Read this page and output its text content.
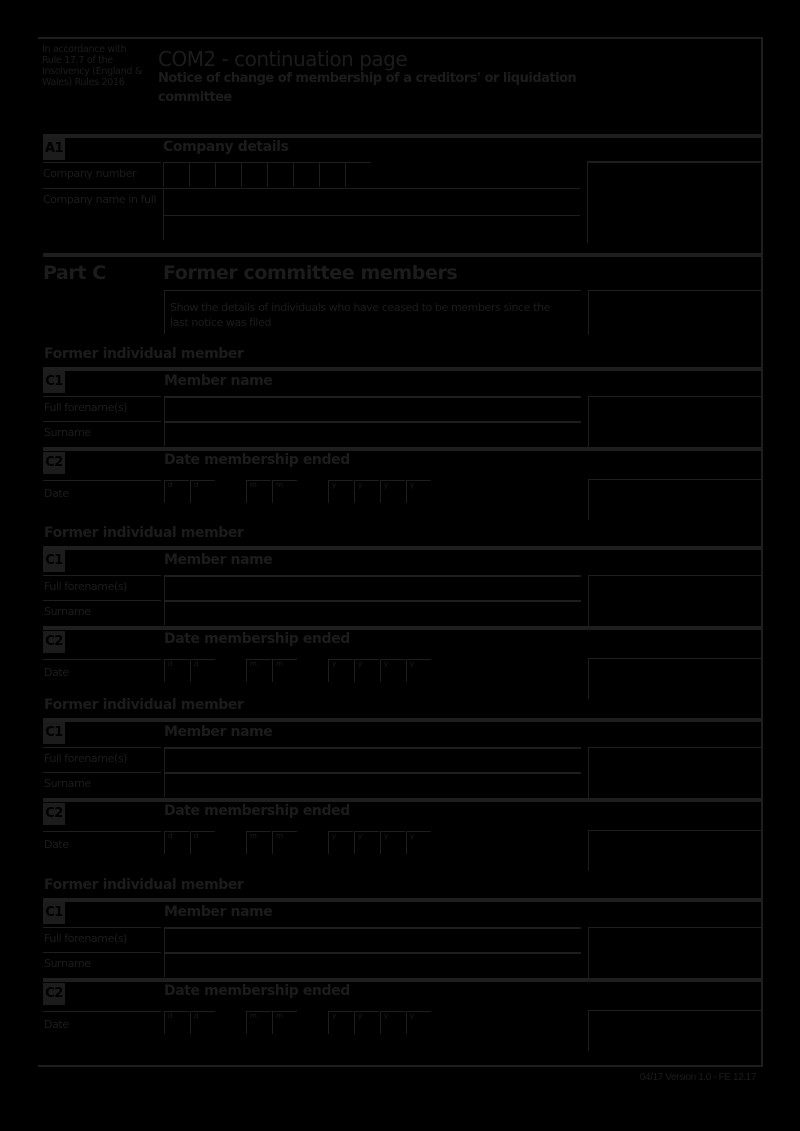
In accordance with
Rule 17.7 of the
Insolvency (England &
Wales) Rules 2016
COM2 - continuation page
Notice of change of membership of a creditors' or liquidation
committee
A1	Company details
Company number
Company name in full
Part C	Former committee members
Show the details of individuals who have ceased to be members since the
last notice was filed
Former individual member
C1	Member name
Full forename(s)
Surname
C2	Date membership ended
Date
d	d	m	m	y	y	y	y
Former individual member
C1	Member name
Full forename(s)
Surname
C2	Date membership ended
Date
d	d	m	m	y	y	y	y
Former individual member
C1	Member name
Full forename(s)
Surname
C2	Date membership ended
Date
d	d	m	m	y	y	y	y
Former individual member
C1	Member name
Full forename(s)
Surname
C2	Date membership ended
Date
d	d	m	m	y	y	y	y
04/17 Version 1.0 - FE 12.17
